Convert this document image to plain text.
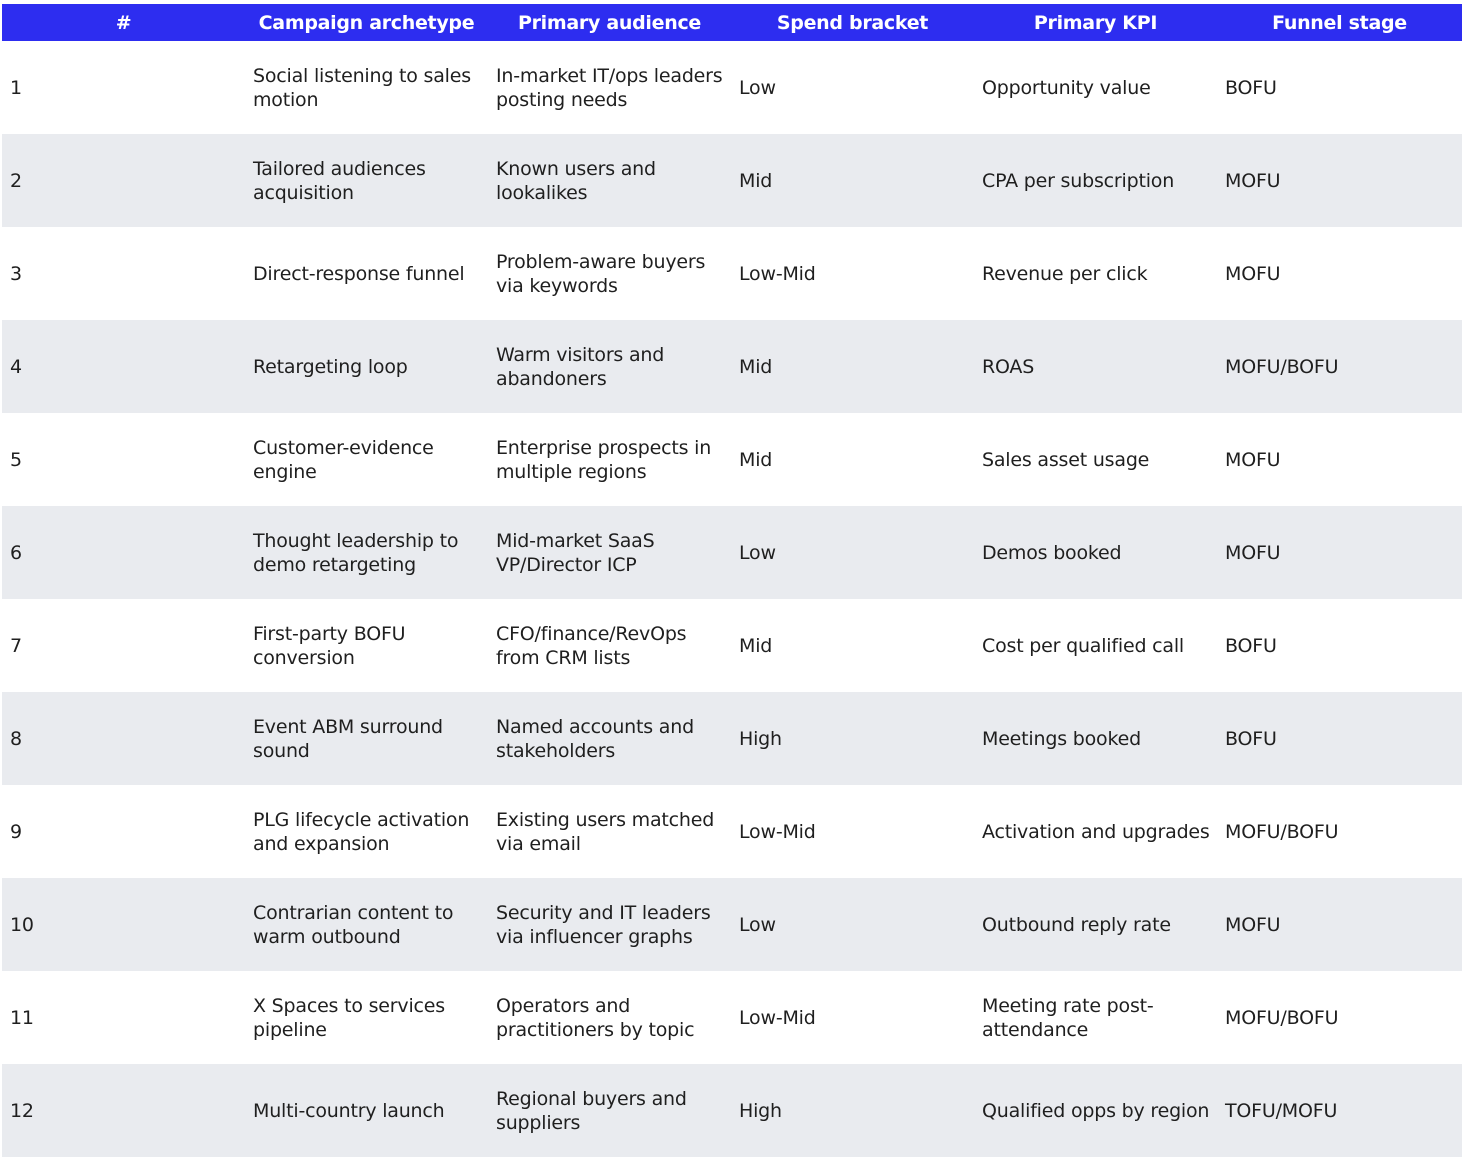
#	Campaign archetype	Primary audience	Spend bracket	Primary KPI	Funnel stage
1	Social listening to sales motion	In-market IT/ops leaders posting needs	Low	Opportunity value	BOFU
2	Tailored audiences acquisition	Known users and lookalikes	Mid	CPA per subscription	MOFU
3	Direct-response funnel	Problem-aware buyers via keywords	Low-Mid	Revenue per click	MOFU
4	Retargeting loop	Warm visitors and abandoners	Mid	ROAS	MOFU/BOFU
5	Customer-evidence engine	Enterprise prospects in multiple regions	Mid	Sales asset usage	MOFU
6	Thought leadership to demo retargeting	Mid-market SaaS VP/Director ICP	Low	Demos booked	MOFU
7	First-party BOFU conversion	CFO/finance/RevOps from CRM lists	Mid	Cost per qualified call	BOFU
8	Event ABM surround sound	Named accounts and stakeholders	High	Meetings booked	BOFU
9	PLG lifecycle activation and expansion	Existing users matched via email	Low-Mid	Activation and upgrades	MOFU/BOFU
10	Contrarian content to warm outbound	Security and IT leaders via influencer graphs	Low	Outbound reply rate	MOFU
11	X Spaces to services pipeline	Operators and practitioners by topic	Low-Mid	Meeting rate post-attendance	MOFU/BOFU
12	Multi-country launch	Regional buyers and suppliers	High	Qualified opps by region	TOFU/MOFU
